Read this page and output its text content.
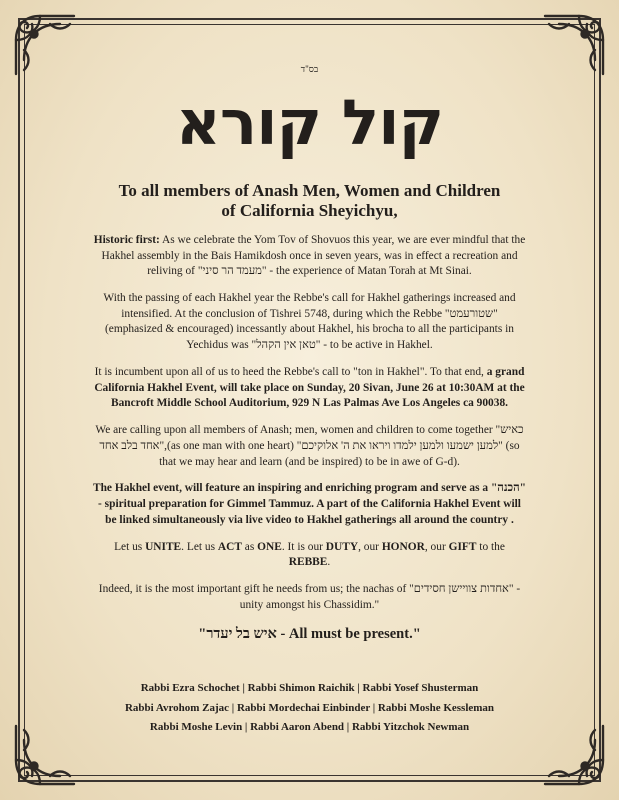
בס"ד
קול קורא
To all members of Anash Men, Women and Children
of California Sheyichyu,
Historic first: As we celebrate the Yom Tov of Shovuos this year, we are ever mindful that the Hakhel assembly in the Bais Hamikdosh once in seven years, was in effect a recreation and reliving of "מעמד הר סיני" - the experience of Matan Torah at Mt Sinai.
With the passing of each Hakhel year the Rebbe's call for Hakhel gatherings increased and intensified. At the conclusion of Tishrei 5748, during which the Rebbe "שטורעמט" (emphasized & encouraged) incessantly about Hakhel, his brocha to all the participants in Yechidus was "טאן אין הקהל" - to be active in Hakhel.
It is incumbent upon all of us to heed the Rebbe's call to "ton in Hakhel". To that end, a grand California Hakhel Event, will take place on Sunday, 20 Sivan, June 26 at 10:30AM at the Bancroft Middle School Auditorium, 929 N Las Palmas Ave Los Angeles ca 90038.
We are calling upon all members of Anash; men, women and children to come together "כאיש אחד בלב אחד",(as one man with one heart) "למען ישמעו ולמען ילמדו ויראו את ה' אלוקיכם" (so that we may hear and learn (and be inspired) to be in awe of G-d).
The Hakhel event, will feature an inspiring and enriching program and serve as a "הכנה" - spiritual preparation for Gimmel Tammuz. A part of the California Hakhel Event will be linked simultaneously via live video to Hakhel gatherings all around the country .
Let us UNITE. Let us ACT as ONE. It is our DUTY, our HONOR, our GIFT to the REBBE.
Indeed, it is the most important gift he needs from us; the nachas of "אחדות צוויישן חסידים" - unity amongst his Chassidim."
"איש בל יעדר - All must be present."
Rabbi Ezra Schochet | Rabbi Shimon Raichik | Rabbi Yosef Shusterman
Rabbi Avrohom Zajac | Rabbi Mordechai Einbinder | Rabbi Moshe Kessleman
Rabbi Moshe Levin | Rabbi Aaron Abend | Rabbi Yitzchok Newman
